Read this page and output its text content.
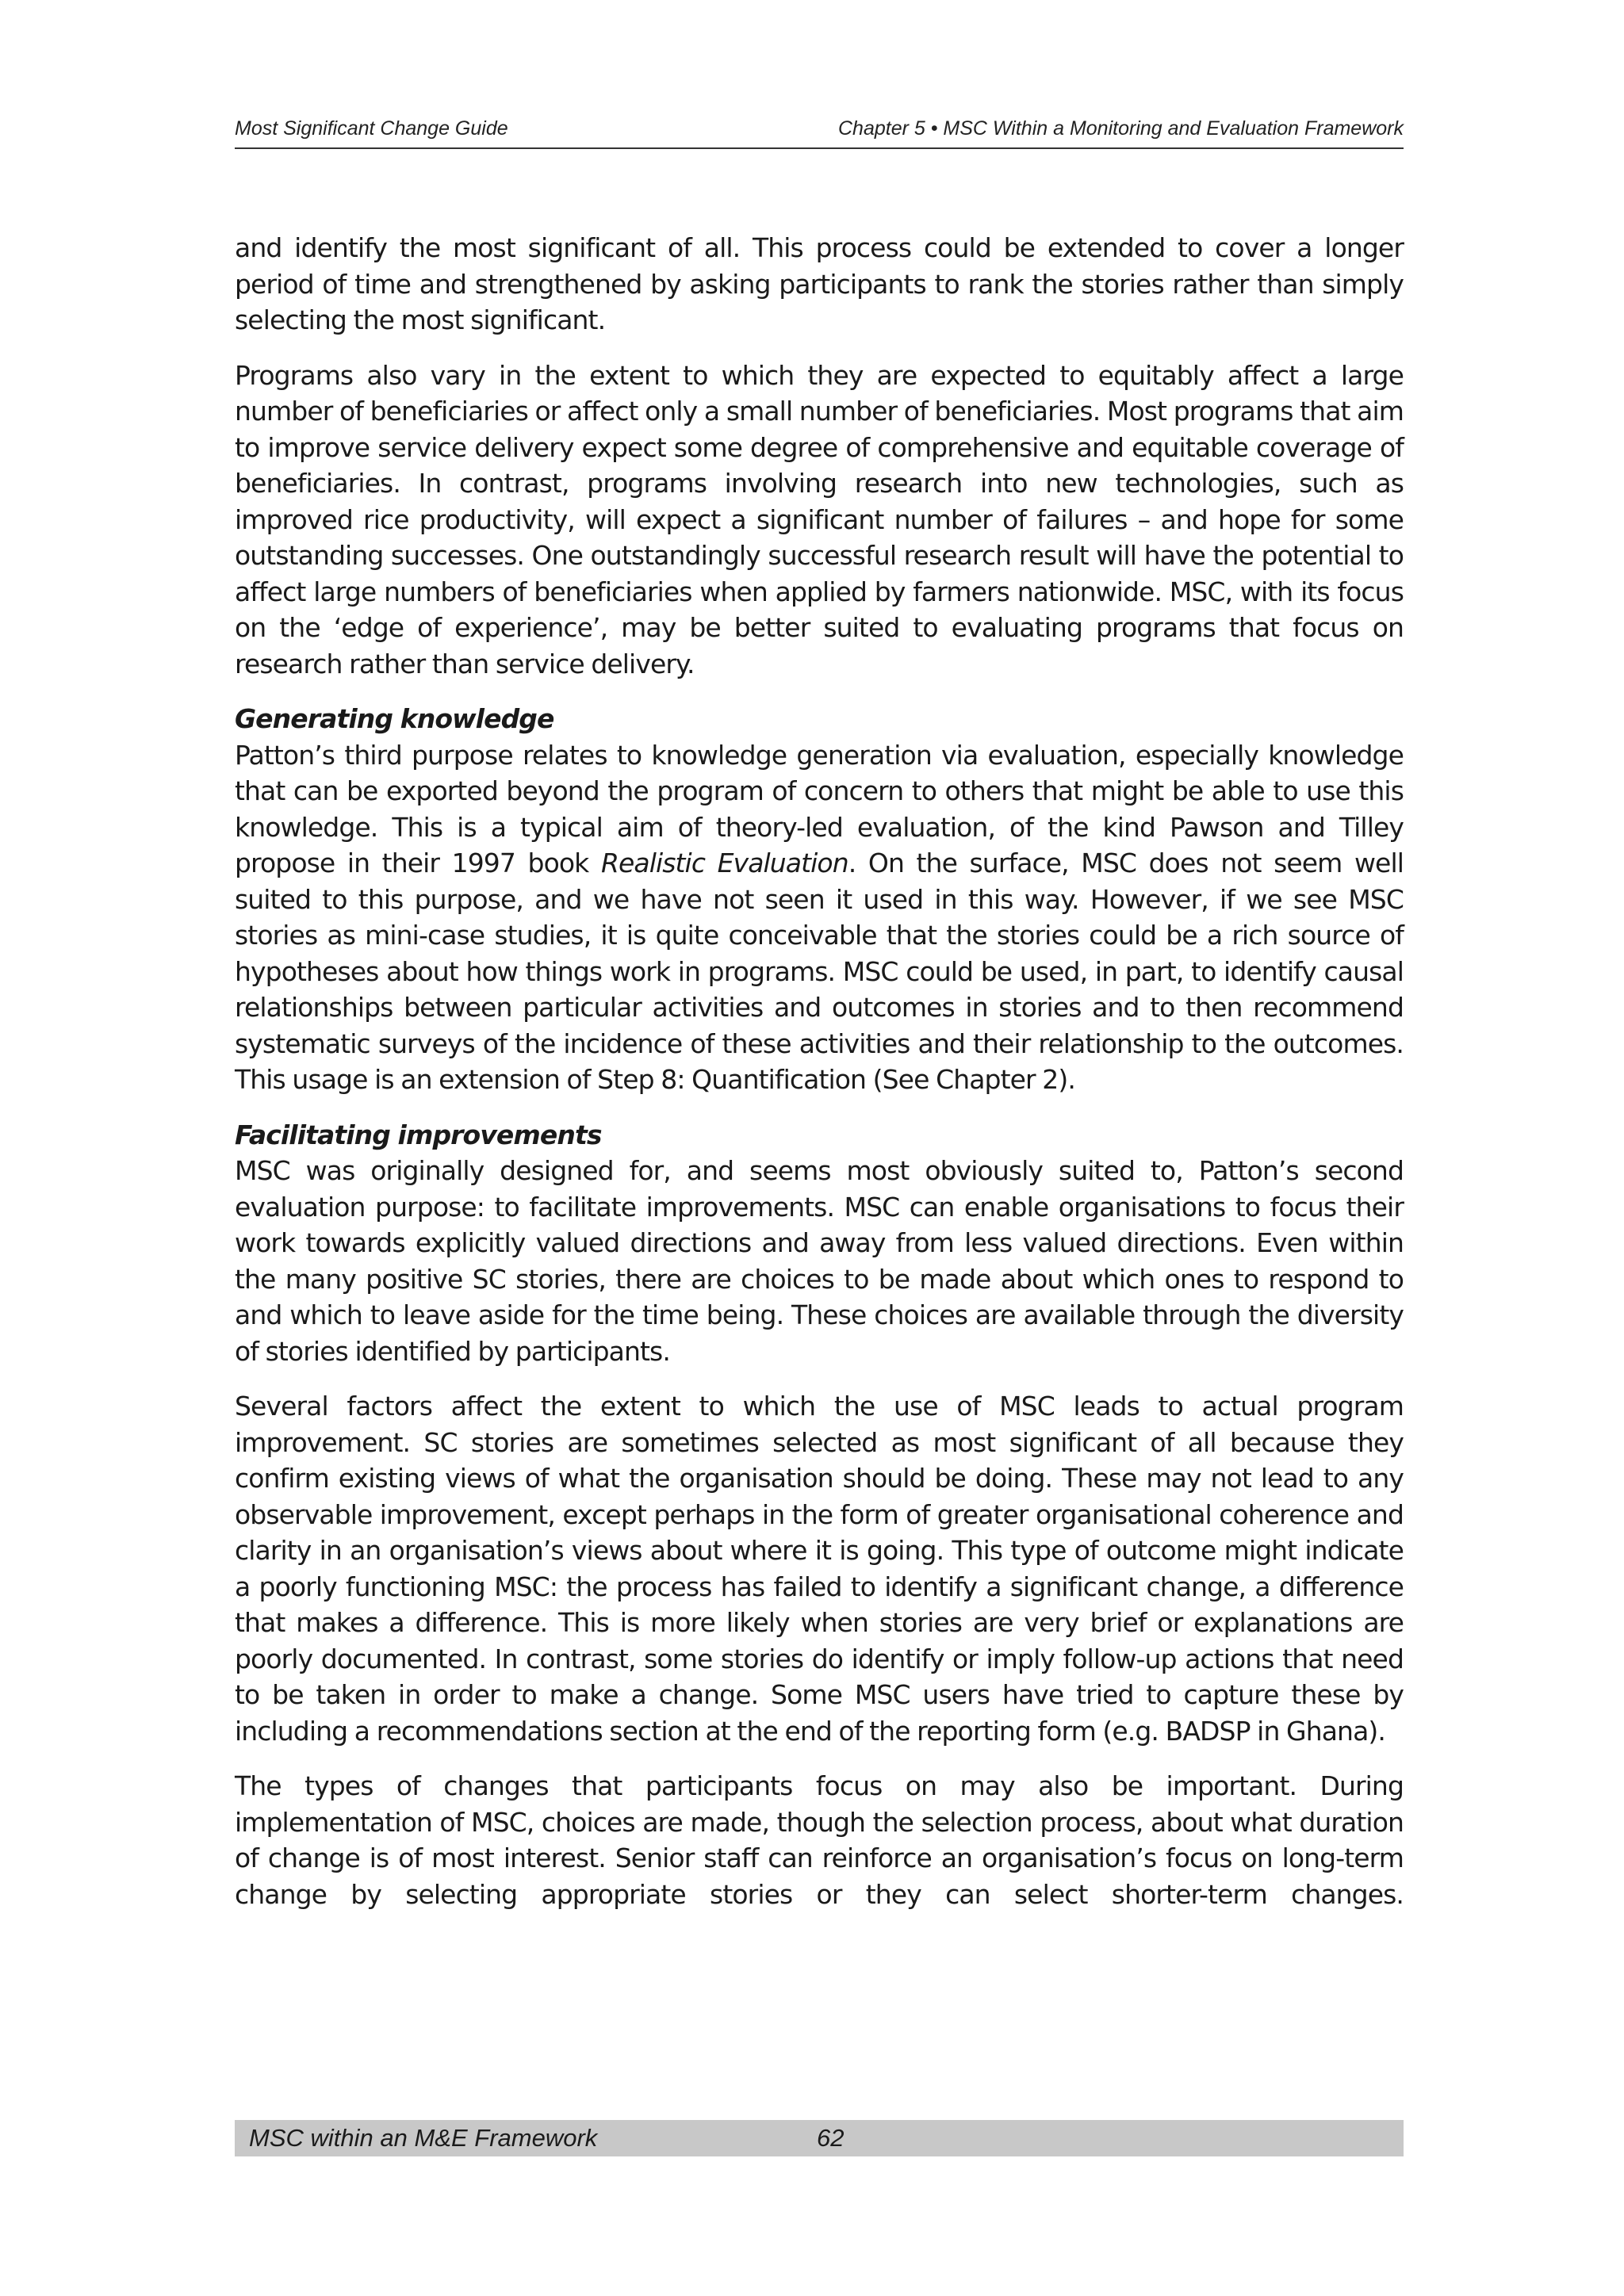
Most Significant Change Guide	Chapter 5 • MSC Within a Monitoring and Evaluation Framework

and identify the most significant of all. This process could be extended to cover a longer period of time and strengthened by asking participants to rank the stories rather than simply selecting the most significant.

Programs also vary in the extent to which they are expected to equitably affect a large number of beneficiaries or affect only a small number of beneficiaries. Most programs that aim to improve service delivery expect some degree of comprehensive and equitable coverage of beneficiaries. In contrast, programs involving research into new technologies, such as improved rice productivity, will expect a significant number of failures – and hope for some outstanding successes. One outstandingly successful research result will have the potential to affect large numbers of beneficiaries when applied by farmers nationwide. MSC, with its focus on the ‘edge of experience’, may be better suited to evaluating programs that focus on research rather than service delivery.

Generating knowledge

Patton’s third purpose relates to knowledge generation via evaluation, especially knowledge that can be exported beyond the program of concern to others that might be able to use this knowledge. This is a typical aim of theory-led evaluation, of the kind Pawson and Tilley propose in their 1997 book Realistic Evaluation. On the surface, MSC does not seem well suited to this purpose, and we have not seen it used in this way. However, if we see MSC stories as mini-case studies, it is quite conceivable that the stories could be a rich source of hypotheses about how things work in programs. MSC could be used, in part, to identify causal relationships between particular activities and outcomes in stories and to then recommend systematic surveys of the incidence of these activities and their relationship to the outcomes. This usage is an extension of Step 8: Quantification (See Chapter 2).

Facilitating improvements

MSC was originally designed for, and seems most obviously suited to, Patton’s second evaluation purpose: to facilitate improvements. MSC can enable organisations to focus their work towards explicitly valued directions and away from less valued directions. Even within the many positive SC stories, there are choices to be made about which ones to respond to and which to leave aside for the time being. These choices are available through the diversity of stories identified by participants.

Several factors affect the extent to which the use of MSC leads to actual program improvement. SC stories are sometimes selected as most significant of all because they confirm existing views of what the organisation should be doing. These may not lead to any observable improvement, except perhaps in the form of greater organisational coherence and clarity in an organisation’s views about where it is going. This type of outcome might indicate a poorly functioning MSC: the process has failed to identify a significant change, a difference that makes a difference. This is more likely when stories are very brief or explanations are poorly documented. In contrast, some stories do identify or imply follow-up actions that need to be taken in order to make a change. Some MSC users have tried to capture these by including a recommendations section at the end of the reporting form (e.g. BADSP in Ghana).

The types of changes that participants focus on may also be important. During implementation of MSC, choices are made, though the selection process, about what duration of change is of most interest. Senior staff can reinforce an organisation’s focus on long-term change by selecting appropriate stories or they can select shorter-term changes.

MSC within an M&E Framework	62
